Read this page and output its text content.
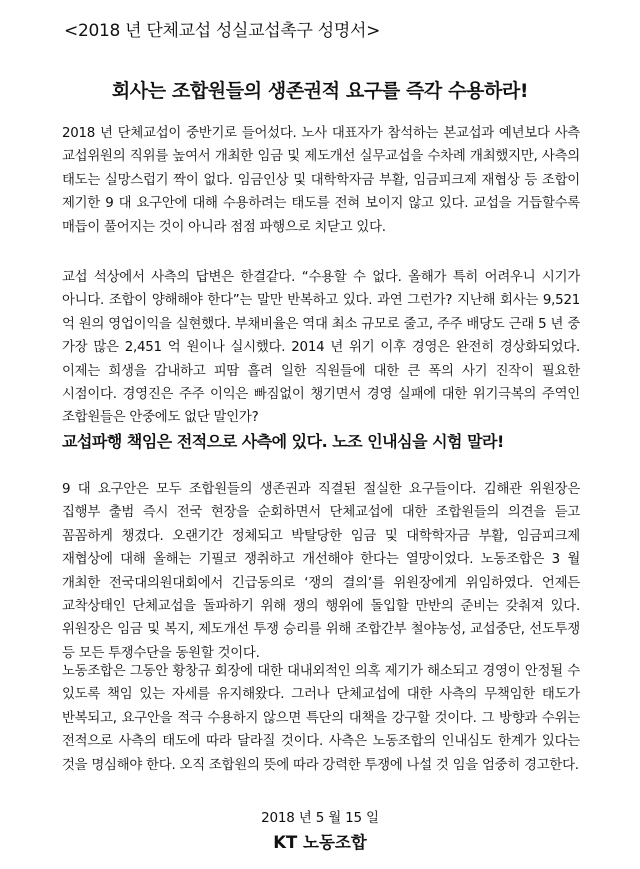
<2018 년 단체교섭 성실교섭촉구 성명서>
회사는 조합원들의 생존권적 요구를 즉각 수용하라!

2018 년 단체교섭이 중반기로 들어섰다. 노사 대표자가 참석하는 본교섭과 예년보다 사측 교섭위원의 직위를 높여서 개최한 임금 및 제도개선 실무교섭을 수차례 개최했지만, 사측의 태도는 실망스럽기 짝이 없다. 임금인상 및 대학학자금 부활, 임금피크제 재협상 등 조합이 제기한 9 대 요구안에 대해 수용하려는 태도를 전혀 보이지 않고 있다. 교섭을 거듭할수록 매듭이 풀어지는 것이 아니라 점점 파행으로 치닫고 있다.

교섭 석상에서 사측의 답변은 한결같다. “수용할 수 없다. 올해가 특히 어려우니 시기가 아니다. 조합이 양해해야 한다”는 말만 반복하고 있다. 과연 그런가? 지난해 회사는 9,521 억 원의 영업이익을 실현했다. 부채비율은 역대 최소 규모로 줄고, 주주 배당도 근래 5 년 중 가장 많은 2,451 억 원이나 실시했다. 2014 년 위기 이후 경영은 완전히 경상화되었다. 이제는 희생을 감내하고 피땀 흘려 일한 직원들에 대한 큰 폭의 사기 진작이 필요한 시점이다. 경영진은 주주 이익은 빠짐없이 챙기면서 경영 실패에 대한 위기극복의 주역인 조합원들은 안중에도 없단 말인가?

교섭파행 책임은 전적으로 사측에 있다. 노조 인내심을 시험 말라!

9 대 요구안은 모두 조합원들의 생존권과 직결된 절실한 요구들이다. 김해관 위원장은 집행부 출범 즉시 전국 현장을 순회하면서 단체교섭에 대한 조합원들의 의견을 듣고 꼼꼼하게 챙겼다. 오랜기간 정체되고 박탈당한 임금 및 대학학자금 부활, 임금피크제 재협상에 대해 올해는 기필코 쟁취하고 개선해야 한다는 열망이었다. 노동조합은 3 월 개최한 전국대의원대회에서 긴급동의로 ‘쟁의 결의’를 위원장에게 위임하였다. 언제든 교착상태인 단체교섭을 돌파하기 위해 쟁의 행위에 돌입할 만반의 준비는 갖춰져 있다. 위원장은 임금 및 복지, 제도개선 투쟁 승리를 위해 조합간부 철야농성, 교섭중단, 선도투쟁 등 모든 투쟁수단을 동원할 것이다.

노동조합은 그동안 황창규 회장에 대한 대내외적인 의혹 제기가 해소되고 경영이 안정될 수 있도록 책임 있는 자세를 유지해왔다. 그러나 단체교섭에 대한 사측의 무책임한 태도가 반복되고, 요구안을 적극 수용하지 않으면 특단의 대책을 강구할 것이다. 그 방향과 수위는 전적으로 사측의 태도에 따라 달라질 것이다. 사측은 노동조합의 인내심도 한계가 있다는 것을 명심해야 한다. 오직 조합원의 뜻에 따라 강력한 투쟁에 나설 것 임을 엄중히 경고한다.

2018 년 5 월 15 일

KT 노동조합
